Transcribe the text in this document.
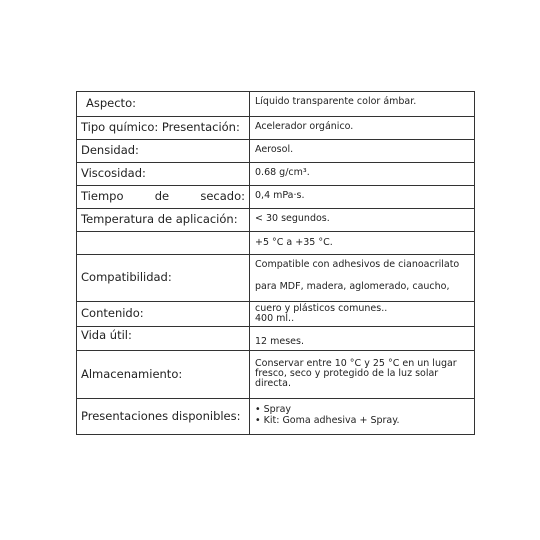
Aspecto:	Líquido transparente color ámbar.
Tipo químico: Presentación:	Acelerador orgánico.
Densidad:	Aerosol.
Viscosidad:	0.68 g/cm³.

Tiempo de secado:	0,4 mPa·s.
Temperatura de aplicación:	< 30 segundos.
	+5 °C a +35 °C.
Compatibilidad:	Compatible con adhesivos de cianoacrilato
para MDF, madera, aglomerado, caucho,

Contenido:	cuero y plásticos comunes..
400 ml..

Vida útil:	12 meses.
Almacenamiento:	Conservar entre 10 °C y 25 °C en un lugar
fresco, seco y protegido de la luz solar
directa.

Presentaciones disponibles:	• Spray
• Kit: Goma adhesiva + Spray.
